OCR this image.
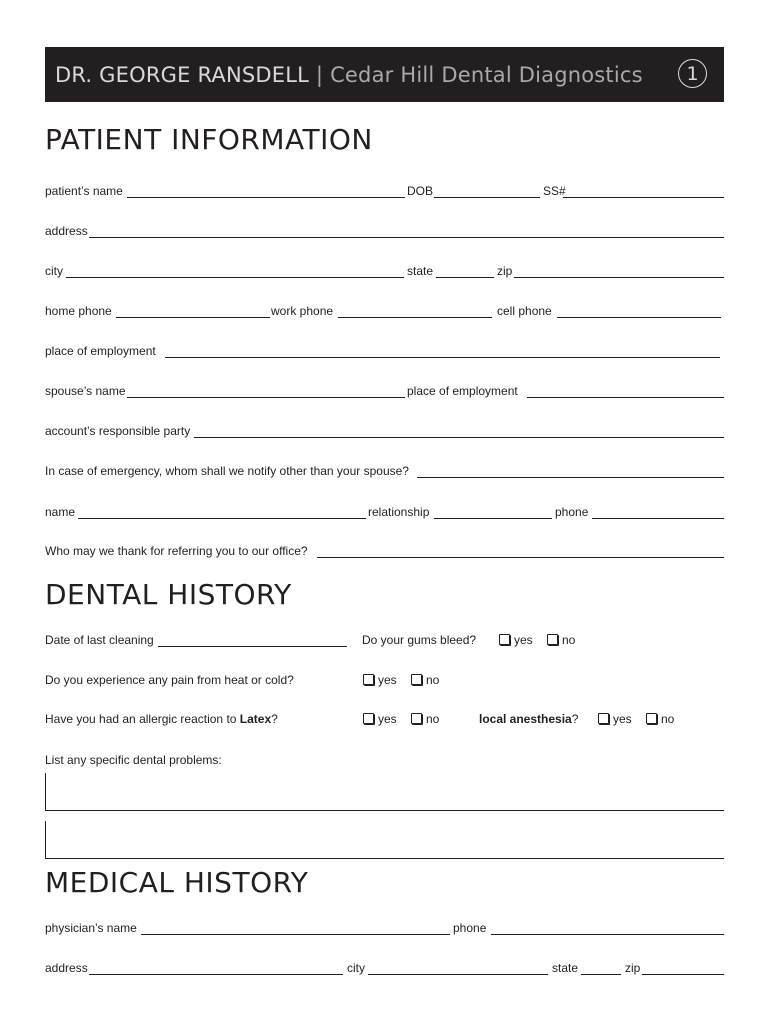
DR. GEORGE RANSDELL | Cedar Hill Dental Diagnostics	1
PATIENT INFORMATION
patient’s name	DOB	SS#
address
city	state	zip
home phone	work phone	cell phone
place of employment
spouse’s name	place of employment
account’s responsible party
In case of emergency, whom shall we notify other than your spouse?
name	relationship	phone
Who may we thank for referring you to our office?
DENTAL HISTORY
Date of last cleaning	Do your gums bleed?	yes	no
Do you experience any pain from heat or cold?	yes	no
Have you had an allergic reaction to Latex?	yes	no	local anesthesia?	yes	no
List any specific dental problems:
MEDICAL HISTORY
physician’s name	phone
address	city	state	zip
